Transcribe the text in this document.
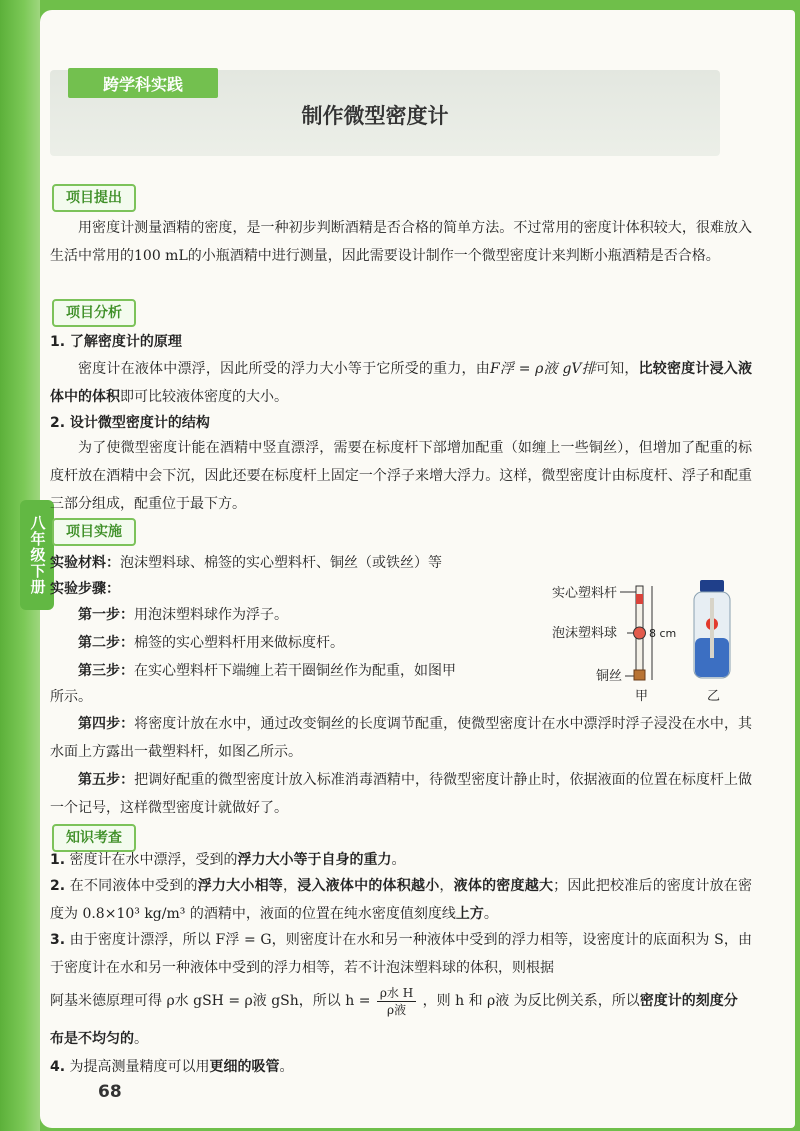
八年级下册
跨学科实践
制作微型密度计
项目提出

用密度计测量酒精的密度，是一种初步判断酒精是否合格的简单方法。不过常用的密度计体积较大，很难放入生活中常用的100 mL的小瓶酒精中进行测量，因此需要设计制作一个微型密度计来判断小瓶酒精是否合格。

项目分析
1. 了解密度计的原理

密度计在液体中漂浮，因此所受的浮力大小等于它所受的重力，由F浮 = ρ液 gV排可知，比较密度计浸入液体中的体积即可比较液体密度的大小。

2. 设计微型密度计的结构

为了使微型密度计能在酒精中竖直漂浮，需要在标度杆下部增加配重（如缠上一些铜丝），但增加了配重的标度杆放在酒精中会下沉，因此还要在标度杆上固定一个浮子来增大浮力。这样，微型密度计由标度杆、浮子和配重三部分组成，配重位于最下方。

项目实施
实验材料：泡沫塑料球、棉签的实心塑料杆、铜丝（或铁丝）等
实验步骤：
第一步：用泡沫塑料球作为浮子。
第二步：棉签的实心塑料杆用来做标度杆。
第三步：在实心塑料杆下端缠上若干圈铜丝作为配重，如图甲
所示。

第四步：将密度计放在水中，通过改变铜丝的长度调节配重，使微型密度计在水中漂浮时浮子浸没在水中，其水面上方露出一截塑料杆，如图乙所示。

第五步：把调好配重的微型密度计放入标准消毒酒精中，待微型密度计静止时，依据液面的位置在标度杆上做一个记号，这样微型密度计就做好了。

实心塑料杆
泡沫塑料球	8 cm
铜丝
甲	乙
知识考查

1. 密度计在水中漂浮，受到的浮力大小等于自身的重力。

2. 在不同液体中受到的浮力大小相等，浸入液体中的体积越小，液体的密度越大；因此把校准后的密度计放在密度为 0.8×10³ kg/m³ 的酒精中，液面的位置在纯水密度值刻度线上方。

3. 由于密度计漂浮，所以 F浮 = G，则密度计在水和另一种液体中受到的浮力相等，设密度计的底面积为 S，由于密度计在水和另一种液体中受到的浮力相等，若不计泡沫塑料球的体积，则根据

阿基米德原理可得 ρ水 gSH = ρ液 gSh，所以 h =
ρ水 H
ρ液
，则 h 和 ρ液 为反比例关系，所以密度计的刻度分
布是不均匀的。
4. 为提高测量精度可以用更细的吸管。
68
